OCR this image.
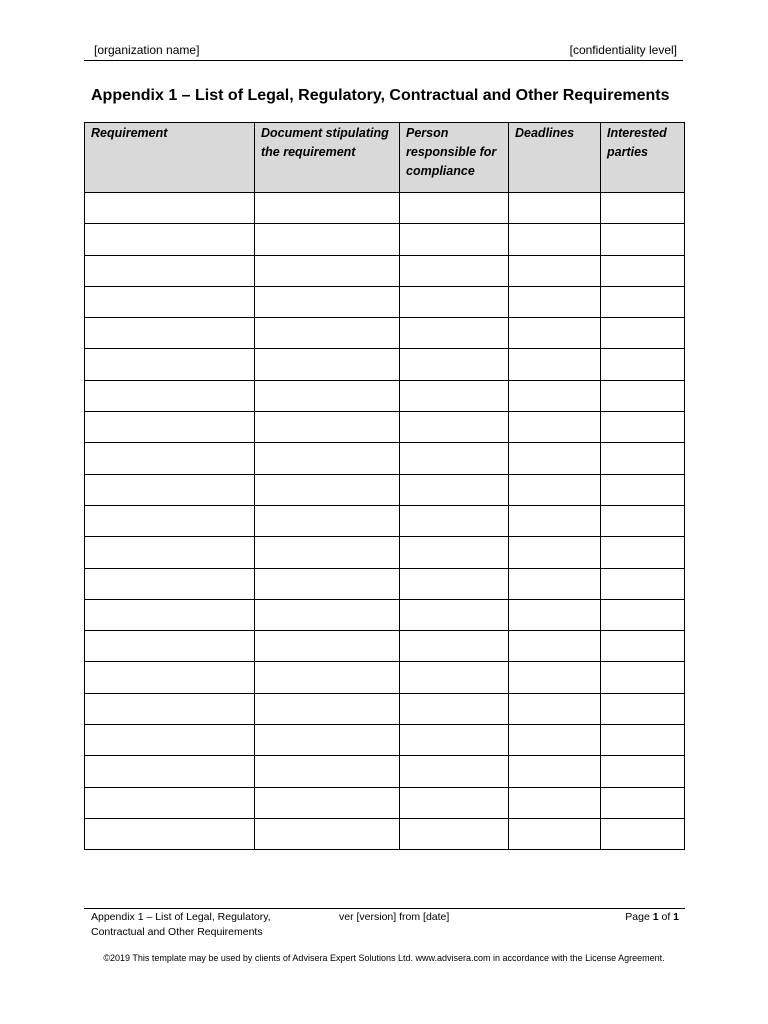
[organization name]	[confidentiality level]
Appendix 1 – List of Legal, Regulatory, Contractual and Other Requirements
Requirement	Document stipulating the requirement	Person responsible for compliance	Deadlines	Interested parties

Appendix 1 – List of Legal, Regulatory, Contractual and Other Requirements
ver [version] from [date]	Page 1 of 1
©2019 This template may be used by clients of Advisera Expert Solutions Ltd. www.advisera.com in accordance with the License Agreement.
